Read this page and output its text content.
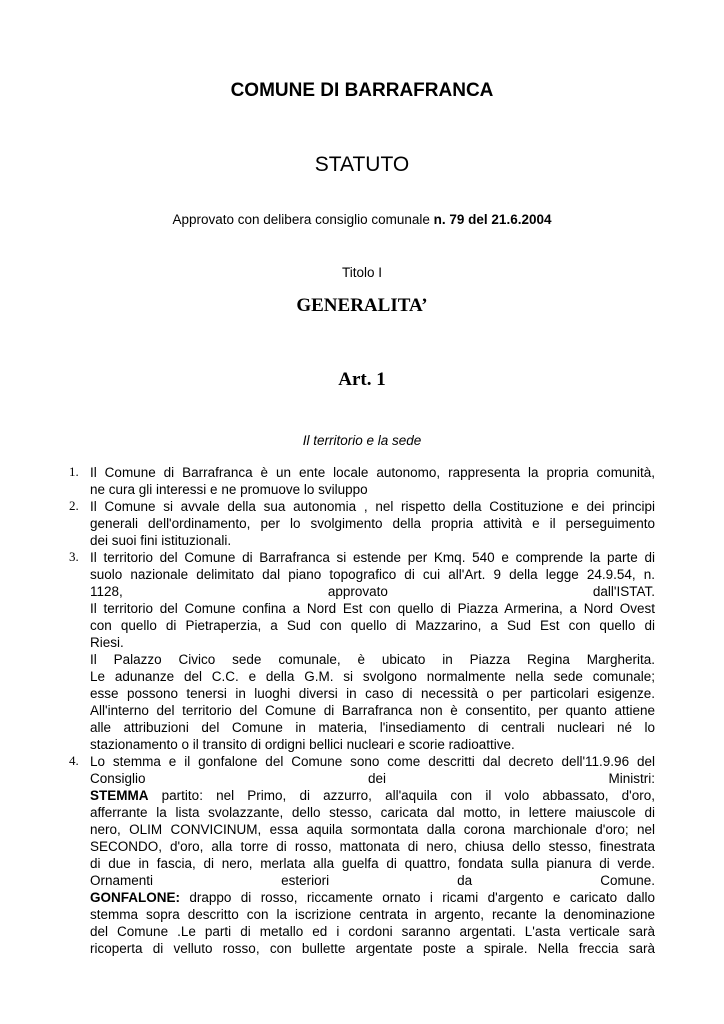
COMUNE DI BARRAFRANCA
STATUTO
Approvato con delibera consiglio comunale n. 79 del 21.6.2004
Titolo I
GENERALITA’
Art. 1
Il territorio e la sede
1. Il Comune di Barrafranca è un ente locale autonomo, rappresenta la propria comunità,
ne cura gli interessi e ne promuove lo sviluppo
2. Il Comune si avvale della sua autonomia , nel rispetto della Costituzione e dei principi
generali dell'ordinamento, per lo svolgimento della propria attività e il perseguimento
dei suoi fini istituzionali.
3. Il territorio del Comune di Barrafranca si estende per Kmq. 540 e comprende la parte di
suolo nazionale delimitato dal piano topografico di cui all'Art. 9 della legge 24.9.54, n.
1128, approvato dall'ISTAT.
Il territorio del Comune confina a Nord Est con quello di Piazza Armerina, a Nord Ovest
con quello di Pietraperzia, a Sud con quello di Mazzarino, a Sud Est con quello di
Riesi.
Il Palazzo Civico sede comunale, è ubicato in Piazza Regina Margherita.
Le adunanze del C.C. e della G.M. si svolgono normalmente nella sede comunale;
esse possono tenersi in luoghi diversi in caso di necessità o per particolari esigenze.
All'interno del territorio del Comune di Barrafranca non è consentito, per quanto attiene
alle attribuzioni del Comune in materia, l'insediamento di centrali nucleari né lo
stazionamento o il transito di ordigni bellici nucleari e scorie radioattive.
4. Lo stemma e il gonfalone del Comune sono come descritti dal decreto dell'11.9.96 del
Consiglio dei Ministri:
STEMMA partito: nel Primo, di azzurro, all'aquila con il volo abbassato, d'oro,
afferrante la lista svolazzante, dello stesso, caricata dal motto, in lettere maiuscole di
nero, OLIM CONVICINUM, essa aquila sormontata dalla corona marchionale d'oro; nel
SECONDO, d'oro, alla torre di rosso, mattonata di nero, chiusa dello stesso, finestrata
di due in fascia, di nero, merlata alla guelfa di quattro, fondata sulla pianura di verde.
Ornamenti esteriori da Comune.
GONFALONE: drappo di rosso, riccamente ornato i ricami d'argento e caricato dallo
stemma sopra descritto con la iscrizione centrata in argento, recante la denominazione
del Comune .Le parti di metallo ed i cordoni saranno argentati. L'asta verticale sarà
ricoperta di velluto rosso, con bullette argentate poste a spirale. Nella freccia sarà
